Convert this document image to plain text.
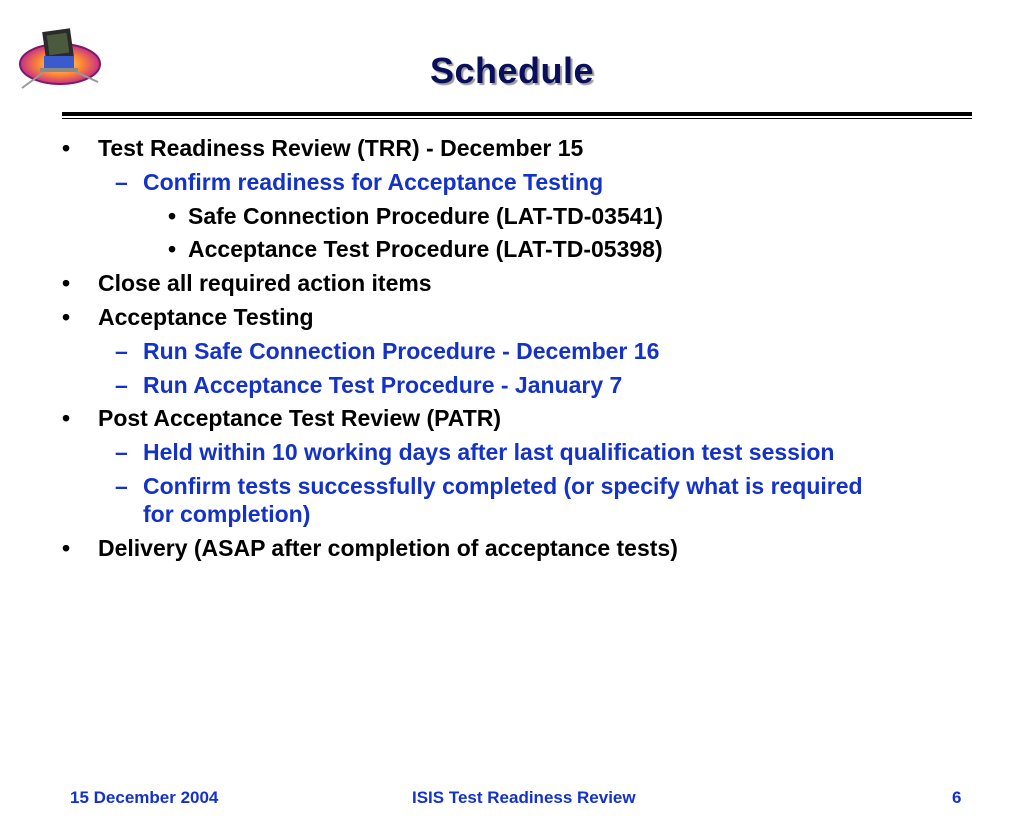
Schedule
• Test Readiness Review (TRR) - December 15
– Confirm readiness for Acceptance Testing
• Safe Connection Procedure (LAT-TD-03541)
• Acceptance Test Procedure (LAT-TD-05398)
• Close all required action items
• Acceptance Testing
– Run Safe Connection Procedure - December 16
– Run Acceptance Test Procedure - January 7
• Post Acceptance Test Review (PATR)
– Held within 10 working days after last qualification test session
– Confirm tests successfully completed (or specify what is required
for completion)
• Delivery (ASAP after completion of acceptance tests)
15 December 2004	ISIS Test Readiness Review	6
